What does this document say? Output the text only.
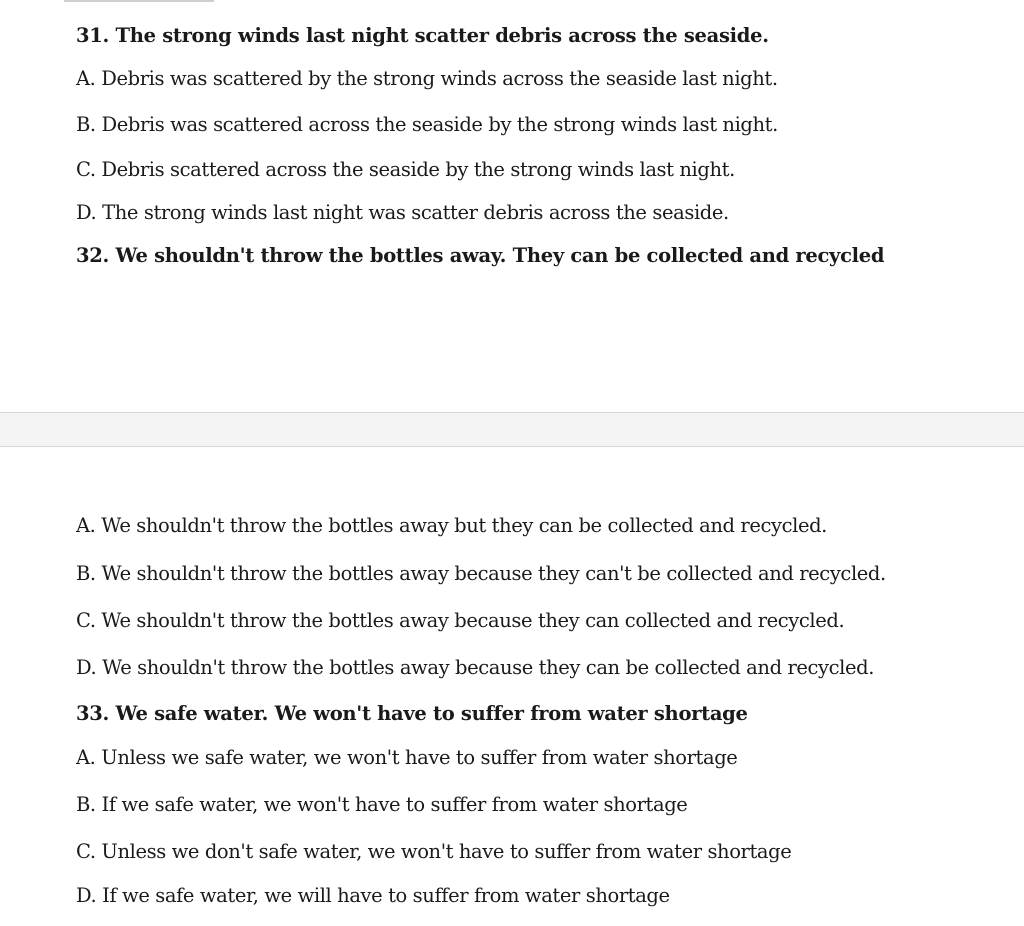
31. The strong winds last night scatter debris across the seaside.
A. Debris was scattered by the strong winds across the seaside last night.
B. Debris was scattered across the seaside by the strong winds last night.
C. Debris scattered across the seaside by the strong winds last night.
D. The strong winds last night was scatter debris across the seaside.
32. We shouldn't throw the bottles away. They can be collected and recycled
A. We shouldn't throw the bottles away but they can be collected and recycled.
B. We shouldn't throw the bottles away because they can't be collected and recycled.
C. We shouldn't throw the bottles away because they can collected and recycled.
D. We shouldn't throw the bottles away because they can be collected and recycled.
33. We safe water. We won't have to suffer from water shortage
A. Unless we safe water, we won't have to suffer from water shortage
B. If we safe water, we won't have to suffer from water shortage
C. Unless we don't safe water, we won't have to suffer from water shortage
D. If we safe water, we will have to suffer from water shortage
